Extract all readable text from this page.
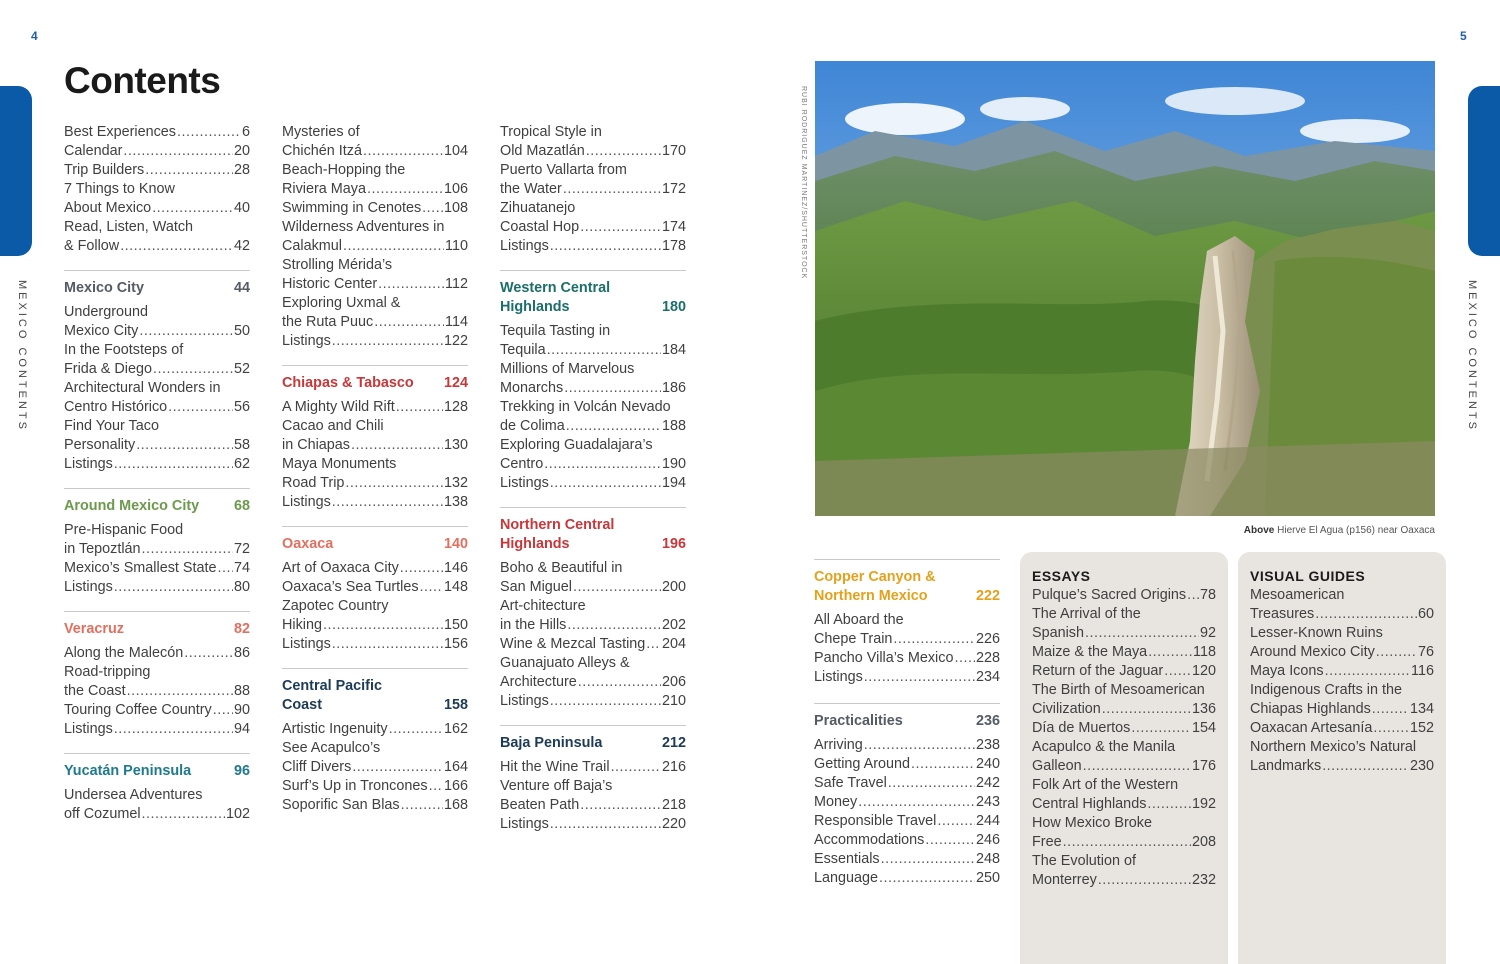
4	5
MEXICO CONTENTS	MEXICO CONTENTS
Contents
Best Experiences .....	6
Calendar .....	20
Trip Builders .....	28
7 Things to Know
About Mexico .....	40
Read, Listen, Watch
& Follow .....	42
Mexico City	44
Underground
Mexico City .....	50
In the Footsteps of
Frida & Diego .....	52
Architectural Wonders in
Centro Histórico .....	56
Find Your Taco
Personality .....	58
Listings .....	62
Around Mexico City 68
Pre-Hispanic Food
in Tepoztlán .....	72
Mexico’s Smallest State ..... 74
Listings .....	80
Veracruz	82
Along the Malecón .....	86
Road-tripping
the Coast .....	88
Touring Coffee Country ..... 90
Listings .....	94
Yucatán Peninsula	96
Undersea Adventures
off Cozumel .....	102
Mysteries of
Chichén Itzá .....	104
Beach-Hopping the
Riviera Maya .....	106
Swimming in Cenotes ..... 108
Wilderness Adventures in
Calakmul .....	110
Strolling Mérida’s
Historic Center .....	112
Exploring Uxmal &
the Ruta Puuc .....	114
Listings .....	122
Chiapas & Tabasco 124
A Mighty Wild Rift .....	128
Cacao and Chili
in Chiapas .....	130
Maya Monuments
Road Trip .....	132
Listings .....	138
Oaxaca	140
Art of Oaxaca City .....	146
Oaxaca’s Sea Turtles ..... 148
Zapotec Country
Hiking .....	150
Listings .....	156
Central Pacific
Coast	158
Artistic Ingenuity .....	162
See Acapulco’s
Cliff Divers .....	164
Surf’s Up in Troncones ..... 166
Soporific San Blas .....	168
Tropical Style in
Old Mazatlán .....	170
Puerto Vallarta from
the Water .....	172
Zihuatanejo
Coastal Hop .....	174
Listings .....	178
Western Central
Highlands	180
Tequila Tasting in
Tequila .....	184
Millions of Marvelous
Monarchs .....	186
Trekking in Volcán Nevado
de Colima .....	188
Exploring Guadalajara’s
Centro .....	190
Listings .....	194
Northern Central
Highlands	196
Boho & Beautiful in
San Miguel .....	200
Art-chitecture
in the Hills .....	202
Wine & Mezcal Tasting ..... 204
Guanajuato Alleys &
Architecture .....	206
Listings .....	210
Baja Peninsula	212
Hit the Wine Trail .....	216
Venture off Baja’s
Beaten Path .....	218
Listings .....	220
RUBI RODRIGUEZ MARTINEZ/SHUTTERSTOCK
Above Hierve El Agua (p156) near Oaxaca
Copper Canyon &
Northern Mexico	222
All Aboard the
Chepe Train .....	226
Pancho Villa’s Mexico ..... 228
Listings .....	234
Practicalities	236
Arriving .....	238
Getting Around .....	240
Safe Travel .....	242
Money .....	243
Responsible Travel .....	244
Accommodations .....	246
Essentials .....	248
Language .....	250
ESSAYS
Pulque’s Sacred Origins ..... 78
The Arrival of the
Spanish .....	92
Maize & the Maya .....	118
Return of the Jaguar ..... 120
The Birth of Mesoamerican
Civilization .....	136
Día de Muertos .....	154
Acapulco & the Manila
Galleon .....	176
Folk Art of the Western
Central Highlands .....	192
How Mexico Broke
Free .....	208
The Evolution of
Monterrey .....	232
VISUAL GUIDES
Mesoamerican
Treasures .....	60
Lesser-Known Ruins
Around Mexico City .....	76
Maya Icons .....	116
Indigenous Crafts in the
Chiapas Highlands .....	134
Oaxacan Artesanía .....	152
Northern Mexico’s Natural
Landmarks .....	230
